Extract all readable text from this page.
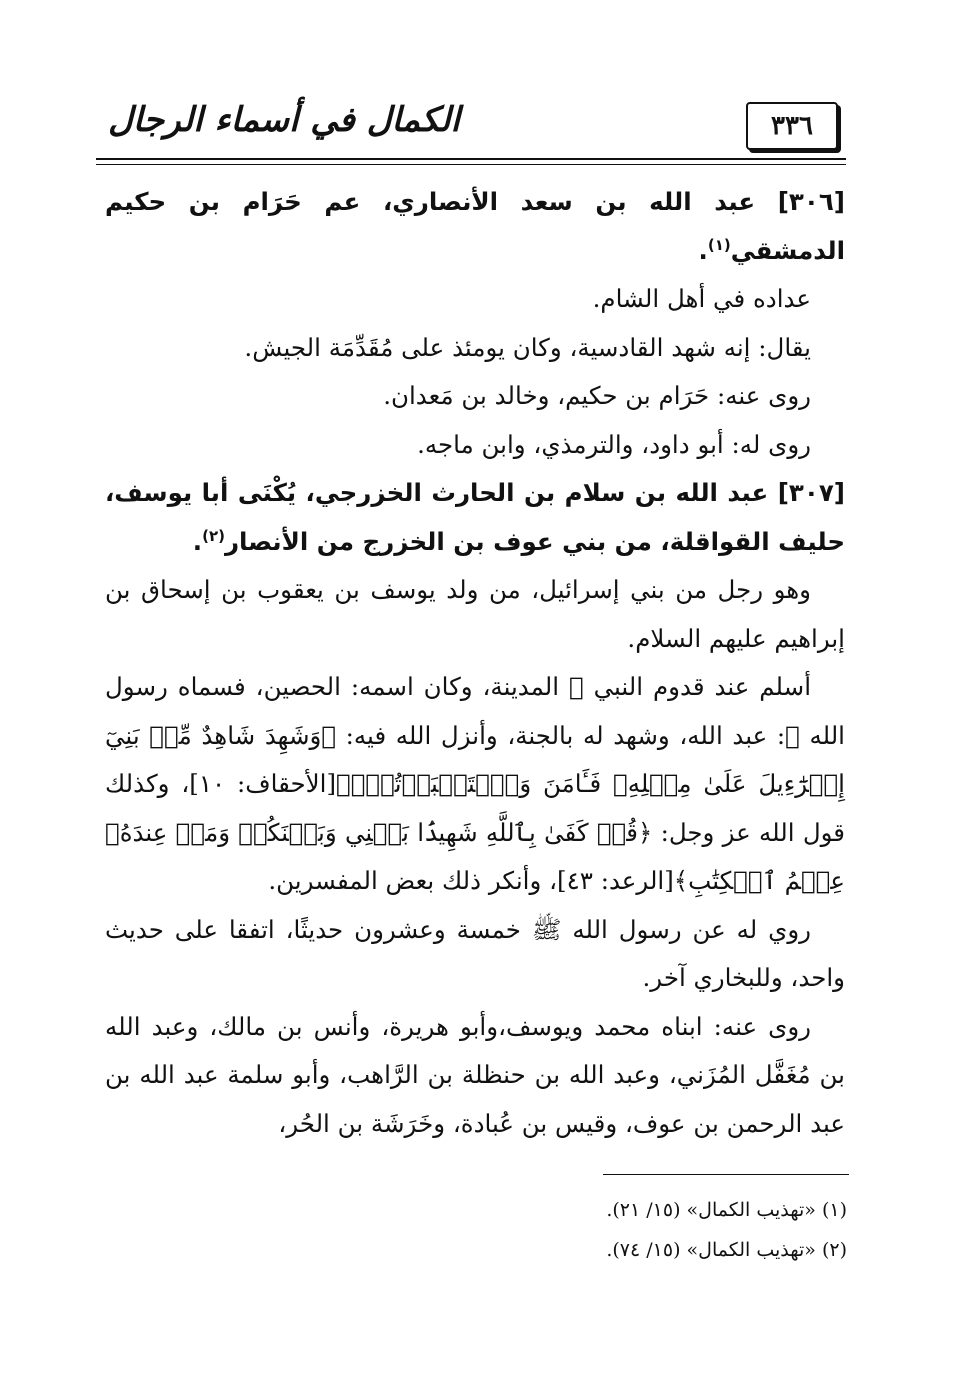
٣٣٦
الكمال في أسماء الرجال

[٣٠٦] عبد الله بن سعد الأنصاري، عم حَرَام بن حكيم الدمشقي$^{(١)}$.

عداده في أهل الشام.

يقال: إنه شهد القادسية، وكان يومئذ على مُقَدِّمَة الجيش.

روى عنه: حَرَام بن حكيم، وخالد بن مَعدان.

روى له: أبو داود، والترمذي، وابن ماجه.

[٣٠٧] عبد الله بن سلام بن الحارث الخزرجي، يُكْنَى أبا يوسف، حليف القواقلة، من بني عوف بن الخزرج من الأنصار$^{(٢)}$.

وهو رجل من بني إسرائيل، من ولد يوسف بن يعقوب بن إسحاق بن إبراهيم عليهم السلام.

أسلم عند قدوم النبي ﷺ المدينة، وكان اسمه: الحصين، فسماه رسول الله ﷺ: عبد الله، وشهد له بالجنة، وأنزل الله فيه: ﴿وَشَهِدَ شَاهِدٌ مِّنۢ بَنِيٓ إِسۡرَٰٓءِيلَ عَلَىٰ مِثۡلِهِۦ فَـَٔامَنَ وَٱسۡتَكۡبَرۡتُمۡۖ﴾[الأحقاف: ١٠]، وكذلك قول الله عز وجل: ﴿قُلۡ كَفَىٰ بِٱللَّهِ شَهِيدَۢا بَيۡنِي وَبَيۡنَكُمۡ وَمَنۡ عِندَهُۥ عِلۡمُ ٱلۡكِتَٰبِ﴾[الرعد: ٤٣]، وأنكر ذلك بعض المفسرين.

روي له عن رسول الله ﷺ خمسة وعشرون حديثًا، اتفقا على حديث واحد، وللبخاري آخر.

روى عنه: ابناه محمد ويوسف،وأبو هريرة، وأنس بن مالك، وعبد الله بن مُغَفَّل المُزَني، وعبد الله بن حنظلة بن الرَّاهب، وأبو سلمة عبد الله بن عبد الرحمن بن عوف، وقيس بن عُبادة، وخَرَشَة بن الحُر،

(١) «تهذيب الكمال» (١٥/ ٢١).

(٢) «تهذيب الكمال» (١٥/ ٧٤).
